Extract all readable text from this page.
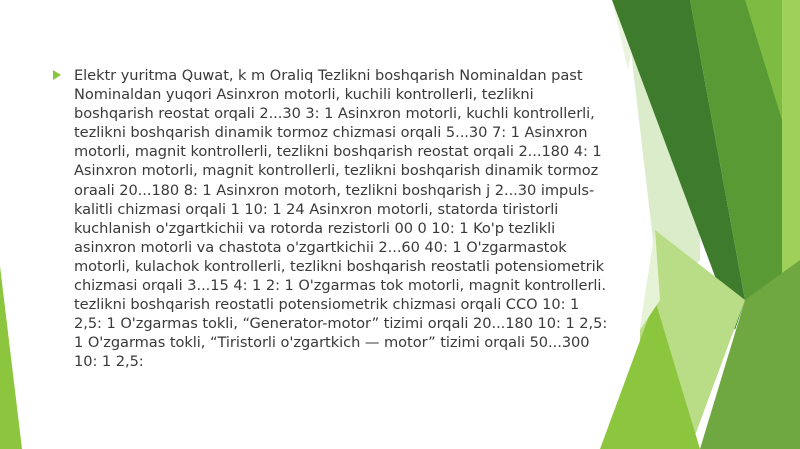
Elektr yuritma Quwat, k m Oraliq Tezlikni boshqarish Nominaldan past Nominaldan yuqori Asinxron motorli, kuchili kontrollerli, tezlikni boshqarish reostat orqali 2...30 3: 1 Asinxron motorli, kuchli kontrollerli, tezlikni boshqarish dinamik tormoz chizmasi orqali 5...30 7: 1 Asinxron motorli, magnit kontrollerli, tezlikni boshqarish reostat orqali 2...180 4: 1 Asinxron motorli, magnit kontrollerli, tezlikni boshqarish dinamik tormoz oraali 20...180 8: 1 Asinxron motorh, tezlikni boshqarish j 2...30 impuls-kalitli chizmasi orqali 1 10: 1 24 Asinxron motorli, statorda tiristorli kuchlanish o'zgartkichii va rotorda rezistorli 00 0 10: 1 Ko'p tezlikli asinxron motorli va chastota o'zgartkichii 2...60 40: 1 O'zgarmastok motorli, kulachok kontrollerli, tezlikni boshqarish reostatli potensiometrik chizmasi orqali 3...15 4: 1 2: 1 O'zgarmas tok motorli, magnit kontrollerli. tezlikni boshqarish reostatli potensiometrik chizmasi orqali CCO 10: 1 2,5: 1 O'zgarmas tokli, “Generator-motor” tizimi orqali 20...180 10: 1 2,5: 1 O'zgarmas tokli, “Tiristorli o'zgartkich — motor” tizimi orqali 50...300 10: 1 2,5:
